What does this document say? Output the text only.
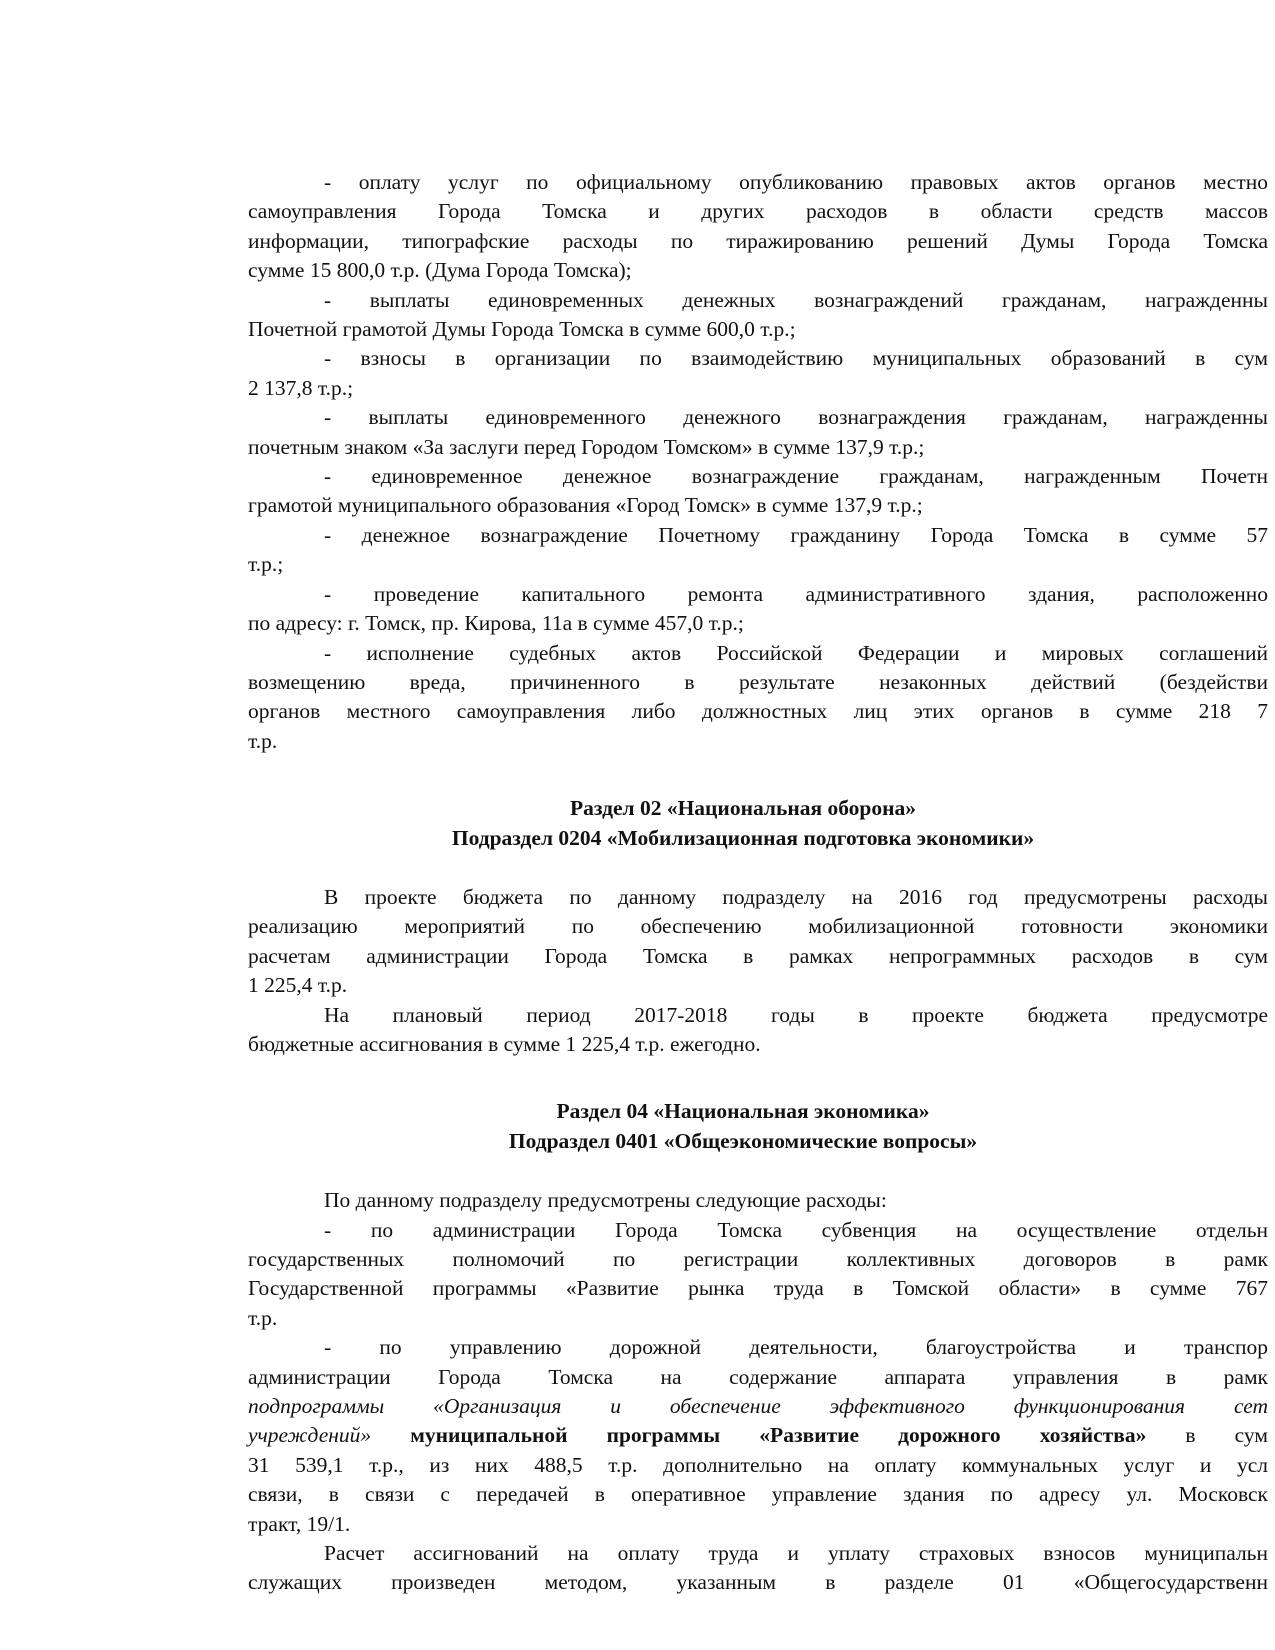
- оплату услуг по официальному опубликованию правовых актов органов местно
самоуправления Города Томска и других расходов в области средств массов
информации, типографские расходы по тиражированию решений Думы Города Томска
сумме 15 800,0 т.р. (Дума Города Томска);
- выплаты единовременных денежных вознаграждений гражданам, награжденны
Почетной грамотой Думы Города Томска в сумме 600,0 т.р.;
- взносы в организации по взаимодействию муниципальных образований в сум
2 137,8 т.р.;
- выплаты единовременного денежного вознаграждения гражданам, награжденны
почетным знаком «За заслуги перед Городом Томском» в сумме 137,9 т.р.;
- единовременное денежное вознаграждение гражданам, награжденным Почетн
грамотой муниципального образования «Город Томск» в сумме 137,9 т.р.;
- денежное вознаграждение Почетному гражданину Города Томска в сумме 57
т.р.;
- проведение капитального ремонта административного здания, расположенно
по адресу: г. Томск, пр. Кирова, 11а в сумме 457,0 т.р.;
- исполнение судебных актов Российской Федерации и мировых соглашений
возмещению вреда, причиненного в результате незаконных действий (бездействи
органов местного самоуправления либо должностных лиц этих органов в сумме 218 7
т.р.
Раздел 02 «Национальная оборона»
Подраздел 0204 «Мобилизационная подготовка экономики»
В проекте бюджета по данному подразделу на 2016 год предусмотрены расходы
реализацию мероприятий по обеспечению мобилизационной готовности экономики
расчетам администрации Города Томска в рамках непрограммных расходов в сум
1 225,4 т.р.
На плановый период 2017-2018 годы в проекте бюджета предусмотре
бюджетные ассигнования в сумме 1 225,4 т.р. ежегодно.
Раздел 04 «Национальная экономика»
Подраздел 0401 «Общеэкономические вопросы»
По данному подразделу предусмотрены следующие расходы:
- по администрации Города Томска субвенция на осуществление отдельн
государственных полномочий по регистрации коллективных договоров в рамк
Государственной программы «Развитие рынка труда в Томской области» в сумме 767
т.р.
- по управлению дорожной деятельности, благоустройства и транспор
администрации Города Томска на содержание аппарата управления в рамк
подпрограммы «Организация и обеспечение эффективного функционирования сет
учреждений» муниципальной программы «Развитие дорожного хозяйства» в сум
31 539,1 т.р., из них 488,5 т.р. дополнительно на оплату коммунальных услуг и усл
связи, в связи с передачей в оперативное управление здания по адресу ул. Московск
тракт, 19/1.
Расчет ассигнований на оплату труда и уплату страховых взносов муниципальн
служащих произведен методом, указанным в разделе 01 «Общегосударственн
